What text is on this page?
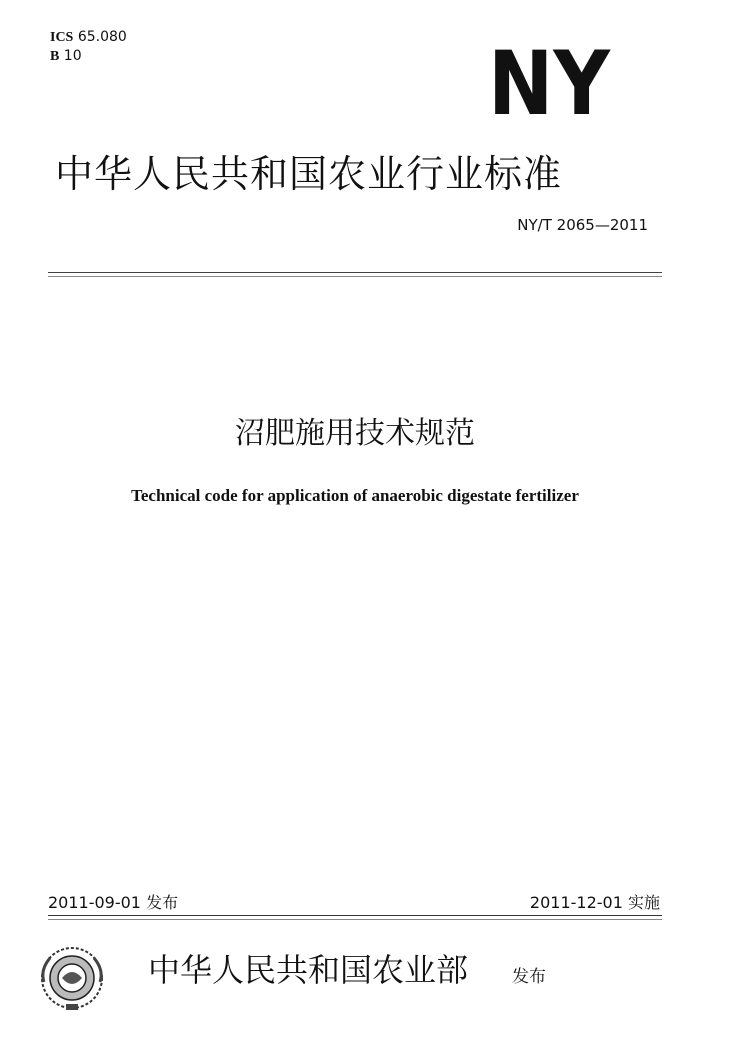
ICS 65.080
B 10	NY
中华人民共和国农业行业标准
NY/T 2065—2011
沼肥施用技术规范
Technical code for application of anaerobic digestate fertilizer
2011-09-01 发布	2011-12-01 实施
中华人民共和国农业部	发布
